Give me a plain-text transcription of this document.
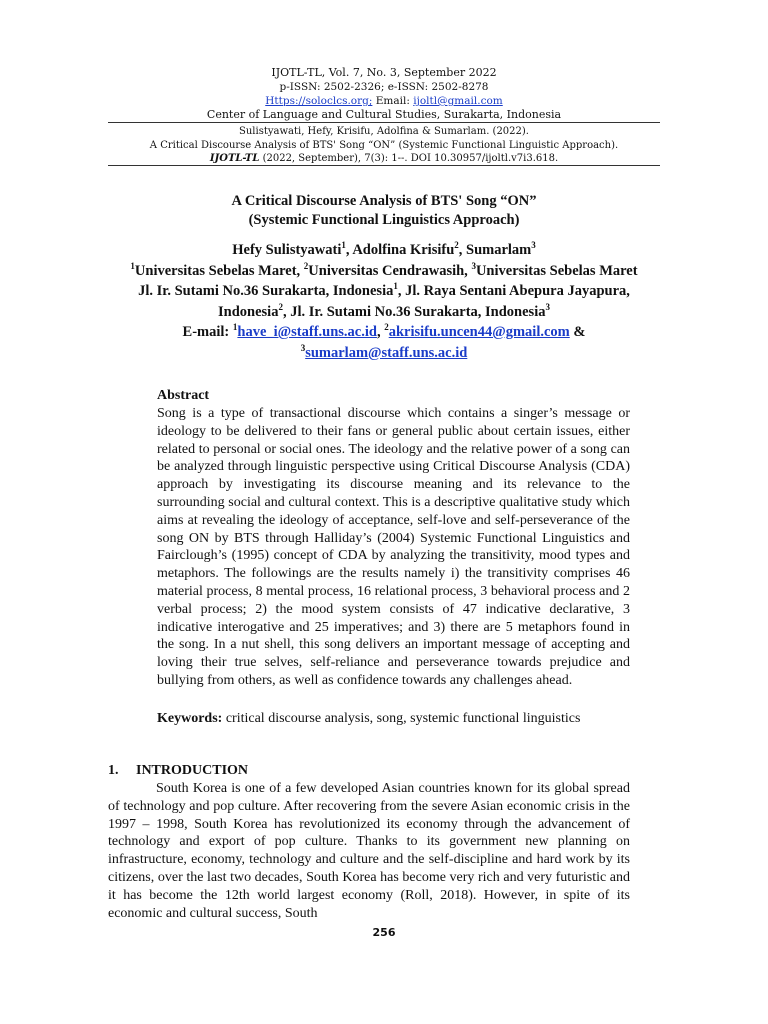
IJOTL-TL, Vol. 7, No. 3, September 2022
p-ISSN: 2502-2326; e-ISSN: 2502-8278
Https://soloclcs.org; Email: ijoltl@gmail.com
Center of Language and Cultural Studies, Surakarta, Indonesia
Sulistyawati, Hefy, Krisifu, Adolfina & Sumarlam. (2022).
A Critical Discourse Analysis of BTS' Song “ON” (Systemic Functional Linguistic Approach).
IJOTL-TL (2022, September), 7(3): 1--. DOI 10.30957/ijoltl.v7i3.618.
A Critical Discourse Analysis of BTS' Song “ON”
(Systemic Functional Linguistics Approach)
Hefy Sulistyawati$^1$, Adolfina Krisifu$^2$, Sumarlam$^3$
$^1$Universitas Sebelas Maret, $^2$Universitas Cendrawasih, $^3$Universitas Sebelas Maret
Jl. Ir. Sutami No.36 Surakarta, Indonesia$^1$, Jl. Raya Sentani Abepura Jayapura,
Indonesia$^2$, Jl. Ir. Sutami No.36 Surakarta, Indonesia$^3$
E-mail: $^1$have_i@staff.uns.ac.id, $^2$akrisifu.uncen44@gmail.com &
$^3$sumarlam@staff.uns.ac.id
Abstract

Song is a type of transactional discourse which contains a singer’s message or ideology to be delivered to their fans or general public about certain issues, either related to personal or social ones. The ideology and the relative power of a song can be analyzed through linguistic perspective using Critical Discourse Analysis (CDA) approach by investigating its discourse meaning and its relevance to the surrounding social and cultural context. This is a descriptive qualitative study which aims at revealing the ideology of acceptance, self-love and self-perseverance of the song ON by BTS through Halliday’s (2004) Systemic Functional Linguistics and Fairclough’s (1995) concept of CDA by analyzing the transitivity, mood types and metaphors. The followings are the results namely i) the transitivity comprises 46 material process, 8 mental process, 16 relational process, 3 behavioral process and 2 verbal process; 2) the mood system consists of 47 indicative declarative, 3 indicative interogative and 25 imperatives; and 3) there are 5 metaphors found in the song. In a nut shell, this song delivers an important message of accepting and loving their true selves, self-reliance and perseverance towards prejudice and bullying from others, as well as confidence towards any challenges ahead.

Keywords: critical discourse analysis, song, systemic functional linguistics
1. INTRODUCTION

South Korea is one of a few developed Asian countries known for its global spread of technology and pop culture. After recovering from the severe Asian economic crisis in the 1997 – 1998, South Korea has revolutionized its economy through the advancement of technology and export of pop culture. Thanks to its government new planning on infrastructure, economy, technology and culture and the self-discipline and hard work by its citizens, over the last two decades, South Korea has become very rich and very futuristic and it has become the 12th world largest economy (Roll, 2018). However, in spite of its economic and cultural success, South

256
